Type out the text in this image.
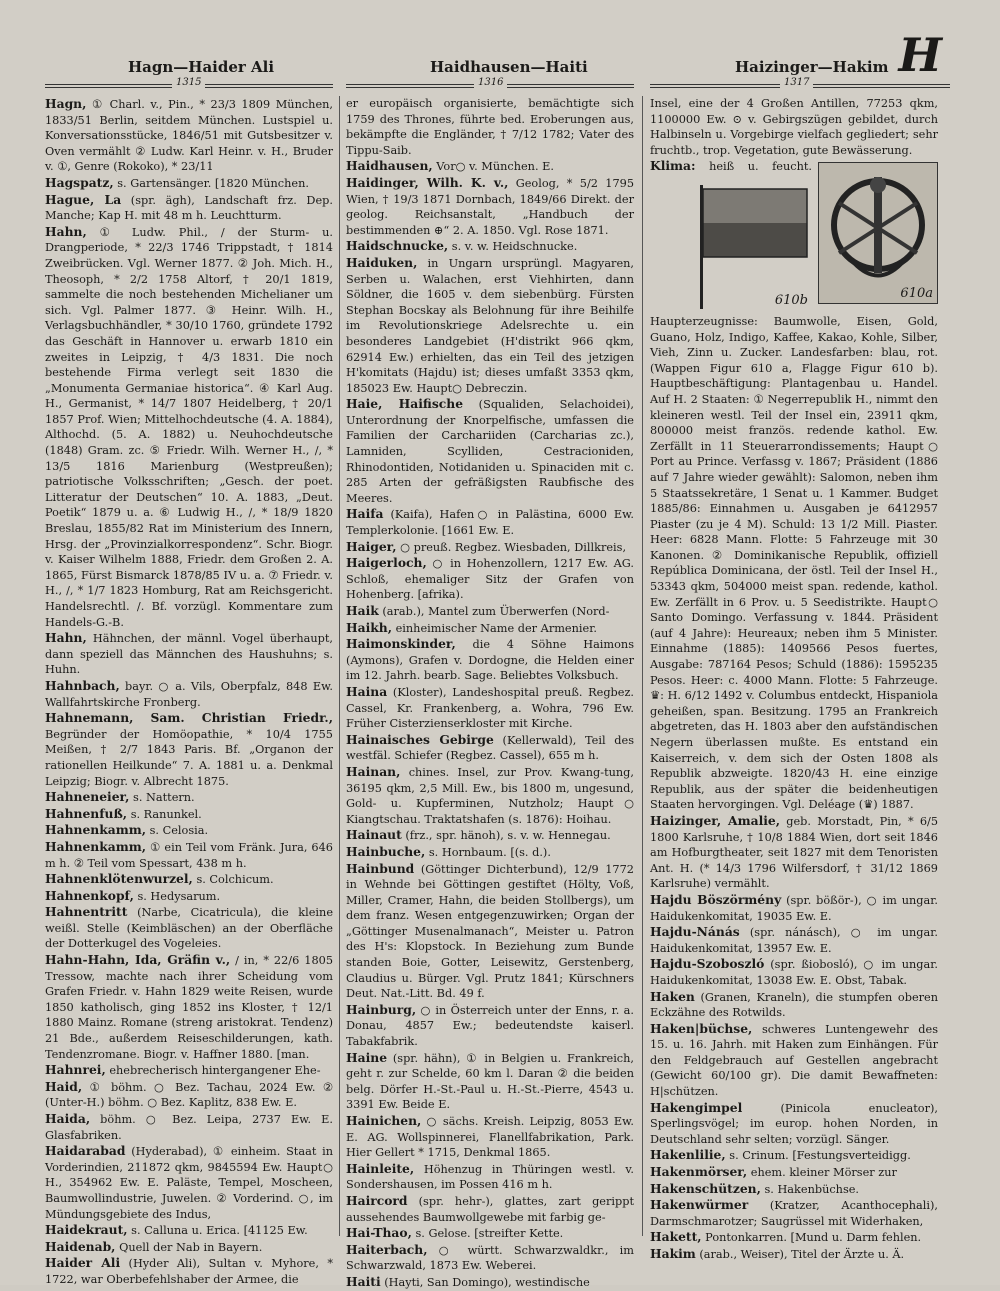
Hagn—Haider Ali	Haidhausen—Haiti	Haizinger—Hakim H
1315	1316	1317

Hagn, ① Charl. v., Pin., * 23/3 1809 München, 1833/51 Berlin, seitdem München. Lustspiel u. Konversationsstücke, 1846/51 mit Gutsbesitzer v. Oven vermählt ② Ludw. Karl Heinr. v. H., Bruder v. ①, Genre (Rokoko), * 23/11

Hagspatz, s. Gartensänger. [1820 München.

Hague, La (spr. ägh), Landschaft frz. Dep. Manche; Kap H. mit 48 m h. Leuchtturm.

Hahn, ① Ludw. Phil., / der Sturm- u. Drangperiode, * 22/3 1746 Trippstadt, † 1814 Zweibrücken. Vgl. Werner 1877. ② Joh. Mich. H., Theosoph, * 2/2 1758 Altorf, † 20/1 1819, sammelte die noch bestehenden Michelianer um sich. Vgl. Palmer 1877. ③ Heinr. Wilh. H., Verlagsbuchhändler, * 30/10 1760, gründete 1792 das Geschäft in Hannover u. erwarb 1810 ein zweites in Leipzig, † 4/3 1831. Die noch bestehende Firma verlegt seit 1830 die „Monumenta Germaniae historica“. ④ Karl Aug. H., Germanist, * 14/7 1807 Heidelberg, † 20/1 1857 Prof. Wien; Mittelhochdeutsche (4. A. 1884), Althochd. (5. A. 1882) u. Neuhochdeutsche (1848) Gram. zc. ⑤ Friedr. Wilh. Werner H., /, * 13/5 1816 Marienburg (Westpreußen); patriotische Volksschriften; „Gesch. der poet. Litteratur der Deutschen“ 10. A. 1883, „Deut. Poetik“ 1879 u. a. ⑥ Ludwig H., /, * 18/9 1820 Breslau, 1855/82 Rat im Ministerium des Innern, Hrsg. der „Provinzialkorrespondenz“. Schr. Biogr. v. Kaiser Wilhelm 1888, Friedr. dem Großen 2. A. 1865, Fürst Bismarck 1878/85 IV u. a. ⑦ Friedr. v. H., /, * 1/7 1823 Homburg, Rat am Reichsgericht. Handelsrechtl. /. Bf. vorzügl. Kommentare zum Handels-G.-B.

Hahn, Hähnchen, der männl. Vogel überhaupt, dann speziell das Männchen des Haushuhns; s. Huhn.

Hahnbach, bayr. ○ a. Vils, Oberpfalz, 848 Ew. Wallfahrtskirche Fronberg.

Hahnemann, Sam. Christian Friedr., Begründer der Homöopathie, * 10/4 1755 Meißen, † 2/7 1843 Paris. Bf. „Organon der rationellen Heilkunde“ 7. A. 1881 u. a. Denkmal Leipzig; Biogr. v. Albrecht 1875.

Hahneneier, s. Nattern.

Hahnenfuß, s. Ranunkel.

Hahnenkamm, s. Celosia.

Hahnenkamm, ① ein Teil vom Fränk. Jura, 646 m h. ② Teil vom Spessart, 438 m h.

Hahnenklötenwurzel, s. Colchicum.

Hahnenkopf, s. Hedysarum.

Hahnentritt (Narbe, Cicatricula), die kleine weißl. Stelle (Keimbläschen) an der Oberfläche der Dotterkugel des Vogeleies.

Hahn-Hahn, Ida, Gräfin v., / in, * 22/6 1805 Tressow, machte nach ihrer Scheidung vom Grafen Friedr. v. Hahn 1829 weite Reisen, wurde 1850 katholisch, ging 1852 ins Kloster, † 12/1 1880 Mainz. Romane (streng aristokrat. Tendenz) 21 Bde., außerdem Reiseschilderungen, kath. Tendenzromane. Biogr. v. Haffner 1880. [man.

Hahnrei, ehebrecherisch hintergangener Ehe-

Haid, ① böhm. ○ Bez. Tachau, 2024 Ew. ② (Unter-H.) böhm. ○ Bez. Kaplitz, 838 Ew. E.

Haida, böhm. ○ Bez. Leipa, 2737 Ew. E. Glasfabriken.

Haidarabad (Hyderabad), ① einheim. Staat in Vorderindien, 211872 qkm, 9845594 Ew. Haupt○ H., 354962 Ew. E. Paläste, Tempel, Moscheen, Baumwollindustrie, Juwelen. ② Vorderind. ○, im Mündungsgebiete des Indus,

Haidekraut, s. Calluna u. Erica. [41125 Ew.

Haidenab, Quell der Nab in Bayern.

Haider Ali (Hyder Ali), Sultan v. Myhore, * 1722, war Oberbefehlshaber der Armee, die

er europäisch organisierte, bemächtigte sich 1759 des Thrones, führte bed. Eroberungen aus, bekämpfte die Engländer, † 7/12 1782; Vater des Tippu-Saib.

Haidhausen, Vor○ v. München. E.

Haidinger, Wilh. K. v., Geolog, * 5/2 1795 Wien, † 19/3 1871 Dornbach, 1849/66 Direkt. der geolog. Reichsanstalt, „Handbuch der bestimmenden ⊕“ 2. A. 1850. Vgl. Rose 1871.

Haidschnucke, s. v. w. Heidschnucke.

Haiduken, in Ungarn ursprüngl. Magyaren, Serben u. Walachen, erst Viehhirten, dann Söldner, die 1605 v. dem siebenbürg. Fürsten Stephan Bocskay als Belohnung für ihre Beihilfe im Revolutionskriege Adelsrechte u. ein besonderes Landgebiet (H'distrikt 966 qkm, 62914 Ew.) erhielten, das ein Teil des jetzigen H'komitats (Hajdu) ist; dieses umfaßt 3353 qkm, 185023 Ew. Haupt○ Debreczin.

Haie, Haifische (Squaliden, Selachoidei), Unterordnung der Knorpelfische, umfassen die Familien der Carchariiden (Carcharias zc.), Lamniden, Scylliden, Cestracioniden, Rhinodontiden, Notidaniden u. Spinaciden mit c. 285 Arten der gefräßigsten Raubfische des Meeres.

Haifa (Kaifa), Hafen○ in Palästina, 6000 Ew. Templerkolonie. [1661 Ew. E.

Haiger, ○ preuß. Regbez. Wiesbaden, Dillkreis,

Haigerloch, ○ in Hohenzollern, 1217 Ew. AG. Schloß, ehemaliger Sitz der Grafen von Hohenberg. [afrika).

Haik (arab.), Mantel zum Überwerfen (Nord-

Haikh, einheimischer Name der Armenier.

Haimonskinder, die 4 Söhne Haimons (Aymons), Grafen v. Dordogne, die Helden einer im 12. Jahrh. bearb. Sage. Beliebtes Volksbuch.

Haina (Kloster), Landeshospital preuß. Regbez. Cassel, Kr. Frankenberg, a. Wohra, 796 Ew. Früher Cisterzienserkloster mit Kirche.

Hainaisches Gebirge (Kellerwald), Teil des westfäl. Schiefer (Regbez. Cassel), 655 m h.

Hainan, chines. Insel, zur Prov. Kwang-tung, 36195 qkm, 2,5 Mill. Ew., bis 1800 m, ungesund, Gold- u. Kupferminen, Nutzholz; Haupt○ Kiangtschau. Traktatshafen (s. 1876): Hoihau.

Hainaut (frz., spr. hänoh), s. v. w. Hennegau.

Hainbuche, s. Hornbaum. [(s. d.).

Hainbund (Göttinger Dichterbund), 12/9 1772 in Wehnde bei Göttingen gestiftet (Hölty, Voß, Miller, Cramer, Hahn, die beiden Stollbergs), um dem franz. Wesen entgegenzuwirken; Organ der „Göttinger Musenalmanach“, Meister u. Patron des H's: Klopstock. In Beziehung zum Bunde standen Boie, Gotter, Leisewitz, Gerstenberg, Claudius u. Bürger. Vgl. Prutz 1841; Kürschners Deut. Nat.-Litt. Bd. 49 f.

Hainburg, ○ in Österreich unter der Enns, r. a. Donau, 4857 Ew.; bedeutendste kaiserl. Tabakfabrik.

Haine (spr. hähn), ① in Belgien u. Frankreich, geht r. zur Schelde, 60 km l. Daran ② die beiden belg. Dörfer H.-St.-Paul u. H.-St.-Pierre, 4543 u. 3391 Ew. Beide E.

Hainichen, ○ sächs. Kreish. Leipzig, 8053 Ew. E. AG. Wollspinnerei, Flanellfabrikation, Park. Hier Gellert * 1715, Denkmal 1865.

Hainleite, Höhenzug in Thüringen westl. v. Sondershausen, im Possen 416 m h.

Haircord (spr. hehr-), glattes, zart gerippt aussehendes Baumwollgewebe mit farbig ge-

Hai-Thao, s. Gelose. [streifter Kette.

Haiterbach, ○ württ. Schwarzwaldkr., im Schwarzwald, 1873 Ew. Weberei.

Haiti (Hayti, San Domingo), westindische

Insel, eine der 4 Großen Antillen, 77253 qkm, 1100000 Ew. ⊙ v. Gebirgszügen gebildet, durch Halbinseln u. Vorgebirge vielfach gegliedert; sehr fruchtb., trop. Vegetation, gute Bewässerung.

610a

Klima:
610b
heiß u. feucht. Haupterzeugnisse: Baumwolle, Eisen, Gold, Guano, Holz, Indigo, Kaffee, Kakao, Kohle, Silber, Vieh, Zinn u. Zucker. Landesfarben: blau, rot. (Wappen Figur 610 a, Flagge Figur 610 b). Hauptbeschäftigung: Plantagenbau u. Handel. Auf H. 2 Staaten: ① Negerrepublik H., nimmt den kleineren westl. Teil der Insel ein, 23911 qkm, 800000 meist französ. redende kathol. Ew. Zerfällt in 11 Steuerarrondissements; Haupt○ Port au Prince. Verfassg v. 1867; Präsident (1886 auf 7 Jahre wieder gewählt): Salomon, neben ihm 5 Staatssekretäre, 1 Senat u. 1 Kammer. Budget 1885/86: Einnahmen u. Ausgaben je 6412957 Piaster (zu je 4 M). Schuld: 13 1/2 Mill. Piaster. Heer: 6828 Mann. Flotte: 5 Fahrzeuge mit 30 Kanonen. ② Dominikanische Republik, offiziell República Dominicana, der östl. Teil der Insel H., 53343 qkm, 504000 meist span. redende, kathol. Ew. Zerfällt in 6 Prov. u. 5 Seedistrikte. Haupt○ Santo Domingo. Verfassung v. 1844. Präsident (auf 4 Jahre): Heureaux; neben ihm 5 Minister. Einnahme (1885): 1409566 Pesos fuertes, Ausgabe: 787164 Pesos; Schuld (1886): 1595235 Pesos. Heer: c. 4000 Mann. Flotte: 5 Fahrzeuge. ♛: H. 6/12 1492 v. Columbus entdeckt, Hispaniola geheißen, span. Besitzung. 1795 an Frankreich abgetreten, das H. 1803 aber den aufständischen Negern überlassen mußte. Es entstand ein Kaiserreich, v. dem sich der Osten 1808 als Republik abzweigte. 1820/43 H. eine einzige Republik, aus der später die beidenheutigen Staaten hervorgingen. Vgl. Deléage (♛) 1887.

Haizinger, Amalie, geb. Morstadt, Pin, * 6/5 1800 Karlsruhe, † 10/8 1884 Wien, dort seit 1846 am Hofburgtheater, seit 1827 mit dem Tenoristen Ant. H. (* 14/3 1796 Wilfersdorf, † 31/12 1869 Karlsruhe) vermählt.

Hajdu Böszörmény (spr. bößör-), ○ im ungar. Haidukenkomitat, 19035 Ew. E.

Hajdu-Nánás (spr. nánásch), ○ im ungar. Haidukenkomitat, 13957 Ew. E.

Hajdu-Szoboszló (spr. ßiobosló), ○ im ungar. Haidukenkomitat, 13038 Ew. E. Obst, Tabak.

Haken (Granen, Kraneln), die stumpfen oberen Eckzähne des Rotwilds.

Haken|büchse, schweres Luntengewehr des 15. u. 16. Jahrh. mit Haken zum Einhängen. Für den Feldgebrauch auf Gestellen angebracht (Gewicht 60/100 gr). Die damit Bewaffneten: H|schützen.

Hakengimpel	(Pinicola enucleator), Sperlingsvögel; im europ. hohen Norden, in Deutschland sehr selten; vorzügl. Sänger.

Hakenlilie, s. Crinum. [Festungsverteidigg.

Hakenmörser, ehem. kleiner Mörser zur

Hakenschützen, s. Hakenbüchse.

Hakenwürmer (Kratzer, Acanthocephali), Darmschmarotzer; Saugrüssel mit Widerhaken,

Hakett, Pontonkarren. [Mund u. Darm fehlen.

Hakim (arab., Weiser), Titel der Ärzte u. Ä.
